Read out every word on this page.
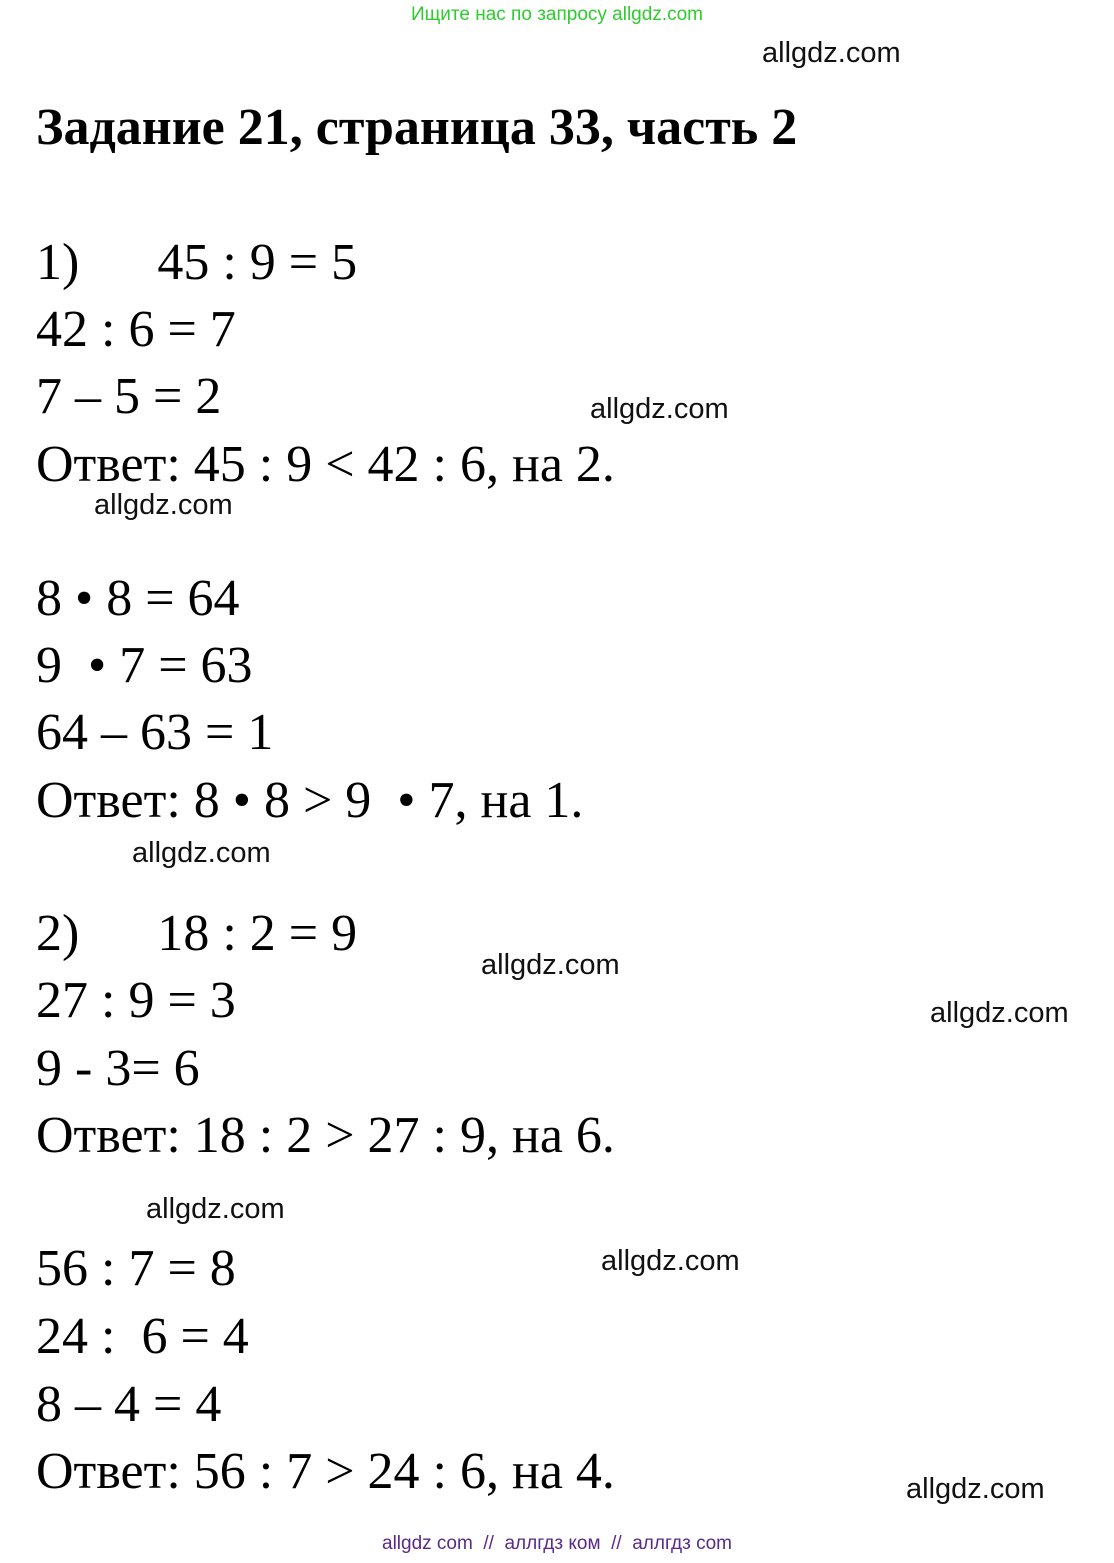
Ищите нас по запросу allgdz.com
allgdz.com
Задание 21, страница 33, часть 2
1)      45 : 9 = 5
42 : 6 = 7
7 – 5 = 2	allgdz.com
Ответ: 45 : 9 < 42 : 6, на 2.
allgdz.com
8 • 8 = 64
9  • 7 = 63
64 – 63 = 1
Ответ: 8 • 8 > 9  • 7, на 1.
allgdz.com
2)      18 : 2 = 9
allgdz.com
27 : 9 = 3	allgdz.com
9 - 3= 6
Ответ: 18 : 2 > 27 : 9, на 6.
allgdz.com
56 : 7 = 8	allgdz.com
24 :  6 = 4
8 – 4 = 4
Ответ: 56 : 7 > 24 : 6, на 4.	allgdz.com
allgdz com  //  аллгдз ком  //  аллгдз com
